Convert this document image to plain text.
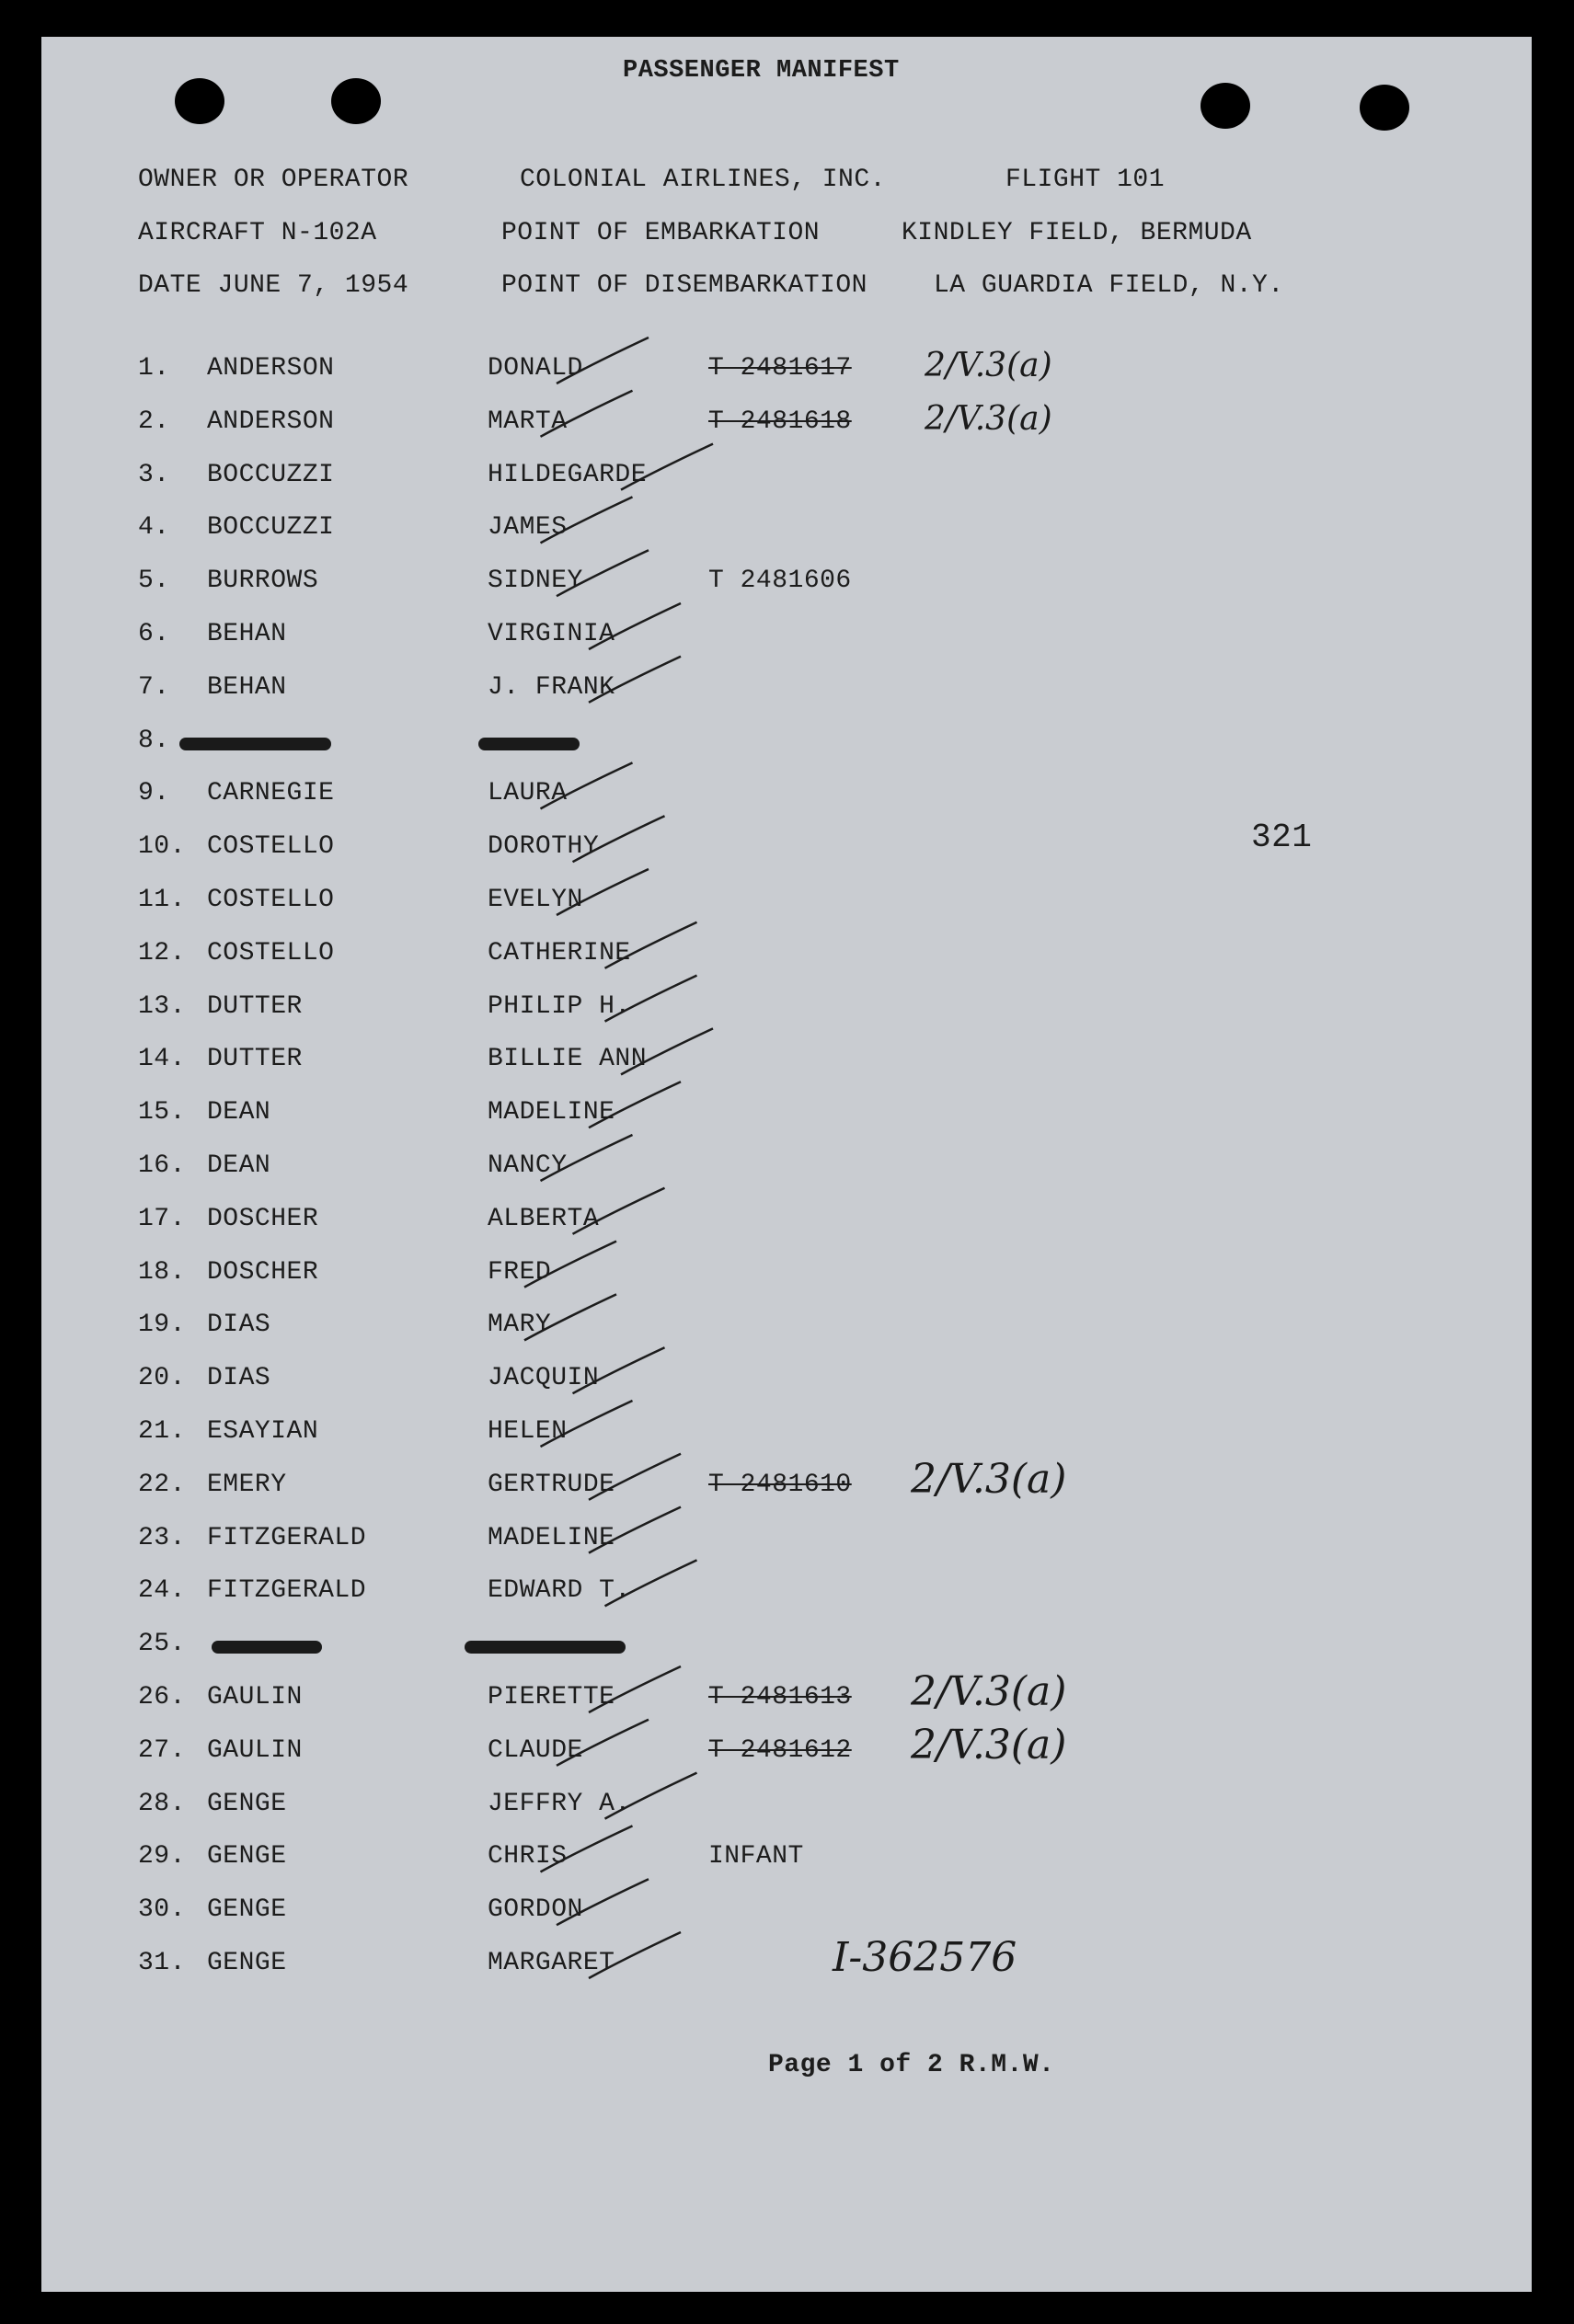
PASSENGER MANIFEST
OWNER OR OPERATOR	COLONIAL AIRLINES, INC.	FLIGHT 101
AIRCRAFT N-102A	POINT OF EMBARKATION	KINDLEY FIELD, BERMUDA
DATE JUNE 7, 1954	POINT OF DISEMBARKATION	LA GUARDIA FIELD, N.Y.
1. ANDERSON	DONALD	T 2481617 2/V.3(a)
2. ANDERSON	MARTA	T 2481618 2/V.3(a)
3. BOCCUZZI	HILDEGARDE
4. BOCCUZZI	JAMES
5. BURROWS	SIDNEY	T 2481606
6. BEHAN	VIRGINIA
7. BEHAN	J. FRANK
8.
9. CARNEGIE	LAURA
10. COSTELLO	DOROTHY
11. COSTELLO	EVELYN
12. COSTELLO	CATHERINE
13. DUTTER	PHILIP H.
14. DUTTER	BILLIE ANN
15. DEAN	MADELINE
16. DEAN	NANCY
17. DOSCHER	ALBERTA
18. DOSCHER	FRED
19. DIAS	MARY
20. DIAS	JACQUIN
21. ESAYIAN	HELEN
22. EMERY	GERTRUDE	T 2481610 2/V.3(a)
23. FITZGERALD	MADELINE
24. FITZGERALD	EDWARD T.
25.
26. GAULIN	PIERETTE	T 2481613 2/V.3(a)
27. GAULIN	CLAUDE	T 2481612 2/V.3(a)
28. GENGE	JEFFRY A.
29. GENGE	CHRIS	INFANT
30. GENGE	GORDON
31. GENGE	MARGARET	I-362576
321
Page 1 of 2 R.M.W.
